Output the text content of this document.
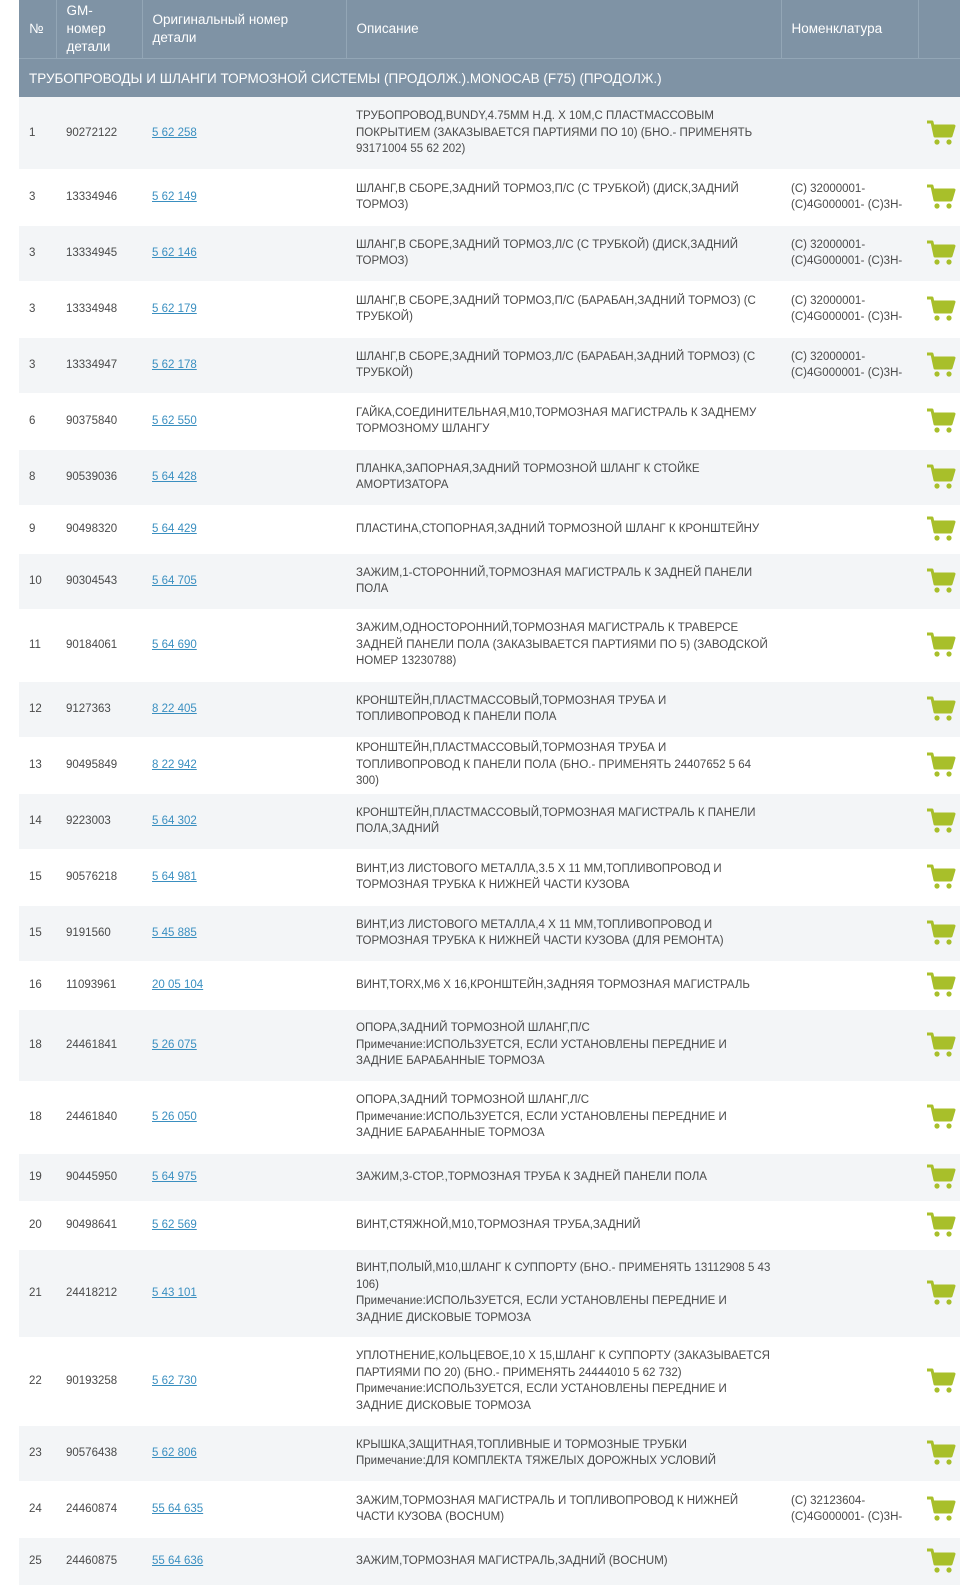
№	GM-номер детали	Оригинальный номер детали	Описание	Номенклатура	
ТРУБОПРОВОДЫ И ШЛАНГИ ТОРМОЗНОЙ СИСТЕМЫ (ПРОДОЛЖ.).MONOCAB (F75) (ПРОДОЛЖ.)					
1	90272122	5 62 258	ТРУБОПРОВОД,BUNDY,4.75ММ Н.Д. X 10М,С ПЛАСТМАССОВЫМ ПОКРЫТИЕМ (ЗАКАЗЫВАЕТСЯ ПАРТИЯМИ ПО 10) (БНО.- ПРИМЕНЯТЬ 93171004 55 62 202)

3	13334946	5 62 149	ШЛАНГ,В СБОРЕ,ЗАДНИЙ ТОРМОЗ,П/С (С ТРУБКОЙ) (ДИСК,ЗАДНИЙ ТОРМОЗ)	(C) 32000001- (C)4G000001- (C)3H-	
3	13334945	5 62 146	ШЛАНГ,В СБОРЕ,ЗАДНИЙ ТОРМОЗ,Л/С (С ТРУБКОЙ) (ДИСК,ЗАДНИЙ ТОРМОЗ)	(C) 32000001- (C)4G000001- (C)3H-	
3	13334948	5 62 179	ШЛАНГ,В СБОРЕ,ЗАДНИЙ ТОРМОЗ,П/С (БАРАБАН,ЗАДНИЙ ТОРМОЗ) (С ТРУБКОЙ)	(C) 32000001- (C)4G000001- (C)3H-	
3	13334947	5 62 178	ШЛАНГ,В СБОРЕ,ЗАДНИЙ ТОРМОЗ,Л/С (БАРАБАН,ЗАДНИЙ ТОРМОЗ) (С ТРУБКОЙ)	(C) 32000001- (C)4G000001- (C)3H-	
6	90375840	5 62 550	ГАЙКА,СОЕДИНИТЕЛЬНАЯ,M10,ТОРМОЗНАЯ МАГИСТРАЛЬ К ЗАДНЕМУ ТОРМОЗНОМУ ШЛАНГУ

8	90539036	5 64 428	ПЛАНКА,ЗАПОРНАЯ,ЗАДНИЙ ТОРМОЗНОЙ ШЛАНГ К СТОЙКЕ АМОРТИЗАТОРА

9	90498320	5 64 429	ПЛАСТИНА,СТОПОРНАЯ,ЗАДНИЙ ТОРМОЗНОЙ ШЛАНГ К КРОНШТЕЙНУ

10	90304543	5 64 705	ЗАЖИМ,1-СТОРОННИЙ,ТОРМОЗНАЯ МАГИСТРАЛЬ К ЗАДНЕЙ ПАНЕЛИ ПОЛА

11	90184061	5 64 690	ЗАЖИМ,ОДНОСТОРОННИЙ,ТОРМОЗНАЯ МАГИСТРАЛЬ К ТРАВЕРСЕ ЗАДНЕЙ ПАНЕЛИ ПОЛА (ЗАКАЗЫВАЕТСЯ ПАРТИЯМИ ПО 5) (ЗАВОДСКОЙ НОМЕР 13230788)

12	9127363	8 22 405	КРОНШТЕЙН,ПЛАСТМАССОВЫЙ,ТОРМОЗНАЯ ТРУБА И ТОПЛИВОПРОВОД К ПАНЕЛИ ПОЛА

13	90495849	8 22 942	КРОНШТЕЙН,ПЛАСТМАССОВЫЙ,ТОРМОЗНАЯ ТРУБА И ТОПЛИВОПРОВОД К ПАНЕЛИ ПОЛА (БНО.- ПРИМЕНЯТЬ 24407652 5 64 300)

14	9223003	5 64 302	КРОНШТЕЙН,ПЛАСТМАССОВЫЙ,ТОРМОЗНАЯ МАГИСТРАЛЬ К ПАНЕЛИ ПОЛА,ЗАДНИЙ

15	90576218	5 64 981	ВИНТ,ИЗ ЛИСТОВОГО МЕТАЛЛА,3.5 X 11 ММ,ТОПЛИВОПРОВОД И ТОРМОЗНАЯ ТРУБКА К НИЖНЕЙ ЧАСТИ КУЗОВА

15	9191560	5 45 885	ВИНТ,ИЗ ЛИСТОВОГО МЕТАЛЛА,4 X 11 ММ,ТОПЛИВОПРОВОД И ТОРМОЗНАЯ ТРУБКА К НИЖНЕЙ ЧАСТИ КУЗОВА (ДЛЯ РЕМОНТА)

16	11093961	20 05 104	ВИНТ,TORX,M6 X 16,КРОНШТЕЙН,ЗАДНЯЯ ТОРМОЗНАЯ МАГИСТРАЛЬ

18	24461841	5 26 075	ОПОРА,ЗАДНИЙ ТОРМОЗНОЙ ШЛАНГ,П/С
Примечание:ИСПОЛЬЗУЕТСЯ, ЕСЛИ УСТАНОВЛЕНЫ ПЕРЕДНИЕ И ЗАДНИЕ БАРАБАННЫЕ ТОРМОЗА

18	24461840	5 26 050	ОПОРА,ЗАДНИЙ ТОРМОЗНОЙ ШЛАНГ,Л/С
Примечание:ИСПОЛЬЗУЕТСЯ, ЕСЛИ УСТАНОВЛЕНЫ ПЕРЕДНИЕ И ЗАДНИЕ БАРАБАННЫЕ ТОРМОЗА

19	90445950	5 64 975	ЗАЖИМ,3-СТОР.,ТОРМОЗНАЯ ТРУБА К ЗАДНЕЙ ПАНЕЛИ ПОЛА

20	90498641	5 62 569	ВИНТ,СТЯЖНОЙ,M10,ТОРМОЗНАЯ ТРУБА,ЗАДНИЙ

21	24418212	5 43 101	ВИНТ,ПОЛЫЙ,M10,ШЛАНГ К СУППОРТУ (БНО.- ПРИМЕНЯТЬ 13112908 5 43 106)
Примечание:ИСПОЛЬЗУЕТСЯ, ЕСЛИ УСТАНОВЛЕНЫ ПЕРЕДНИЕ И ЗАДНИЕ ДИСКОВЫЕ ТОРМОЗА

22	90193258	5 62 730	УПЛОТНЕНИЕ,КОЛЬЦЕВОЕ,10 X 15,ШЛАНГ К СУППОРТУ (ЗАКАЗЫВАЕТСЯ ПАРТИЯМИ ПО 20) (БНО.- ПРИМЕНЯТЬ 24444010 5 62 732)
Примечание:ИСПОЛЬЗУЕТСЯ, ЕСЛИ УСТАНОВЛЕНЫ ПЕРЕДНИЕ И ЗАДНИЕ ДИСКОВЫЕ ТОРМОЗА

23	90576438	5 62 806	КРЫШКА,ЗАЩИТНАЯ,ТОПЛИВНЫЕ И ТОРМОЗНЫЕ ТРУБКИ
Примечание:ДЛЯ КОМПЛЕКТА ТЯЖЕЛЫХ ДОРОЖНЫХ УСЛОВИЙ

24	24460874	55 64 635	ЗАЖИМ,ТОРМОЗНАЯ МАГИСТРАЛЬ И ТОПЛИВОПРОВОД К НИЖНЕЙ ЧАСТИ КУЗОВА (BOCHUM)	(C) 32123604- (C)4G000001- (C)3H-	
25	24460875	55 64 636	ЗАЖИМ,ТОРМОЗНАЯ МАГИСТРАЛЬ,ЗАДНИЙ (BOCHUM)
